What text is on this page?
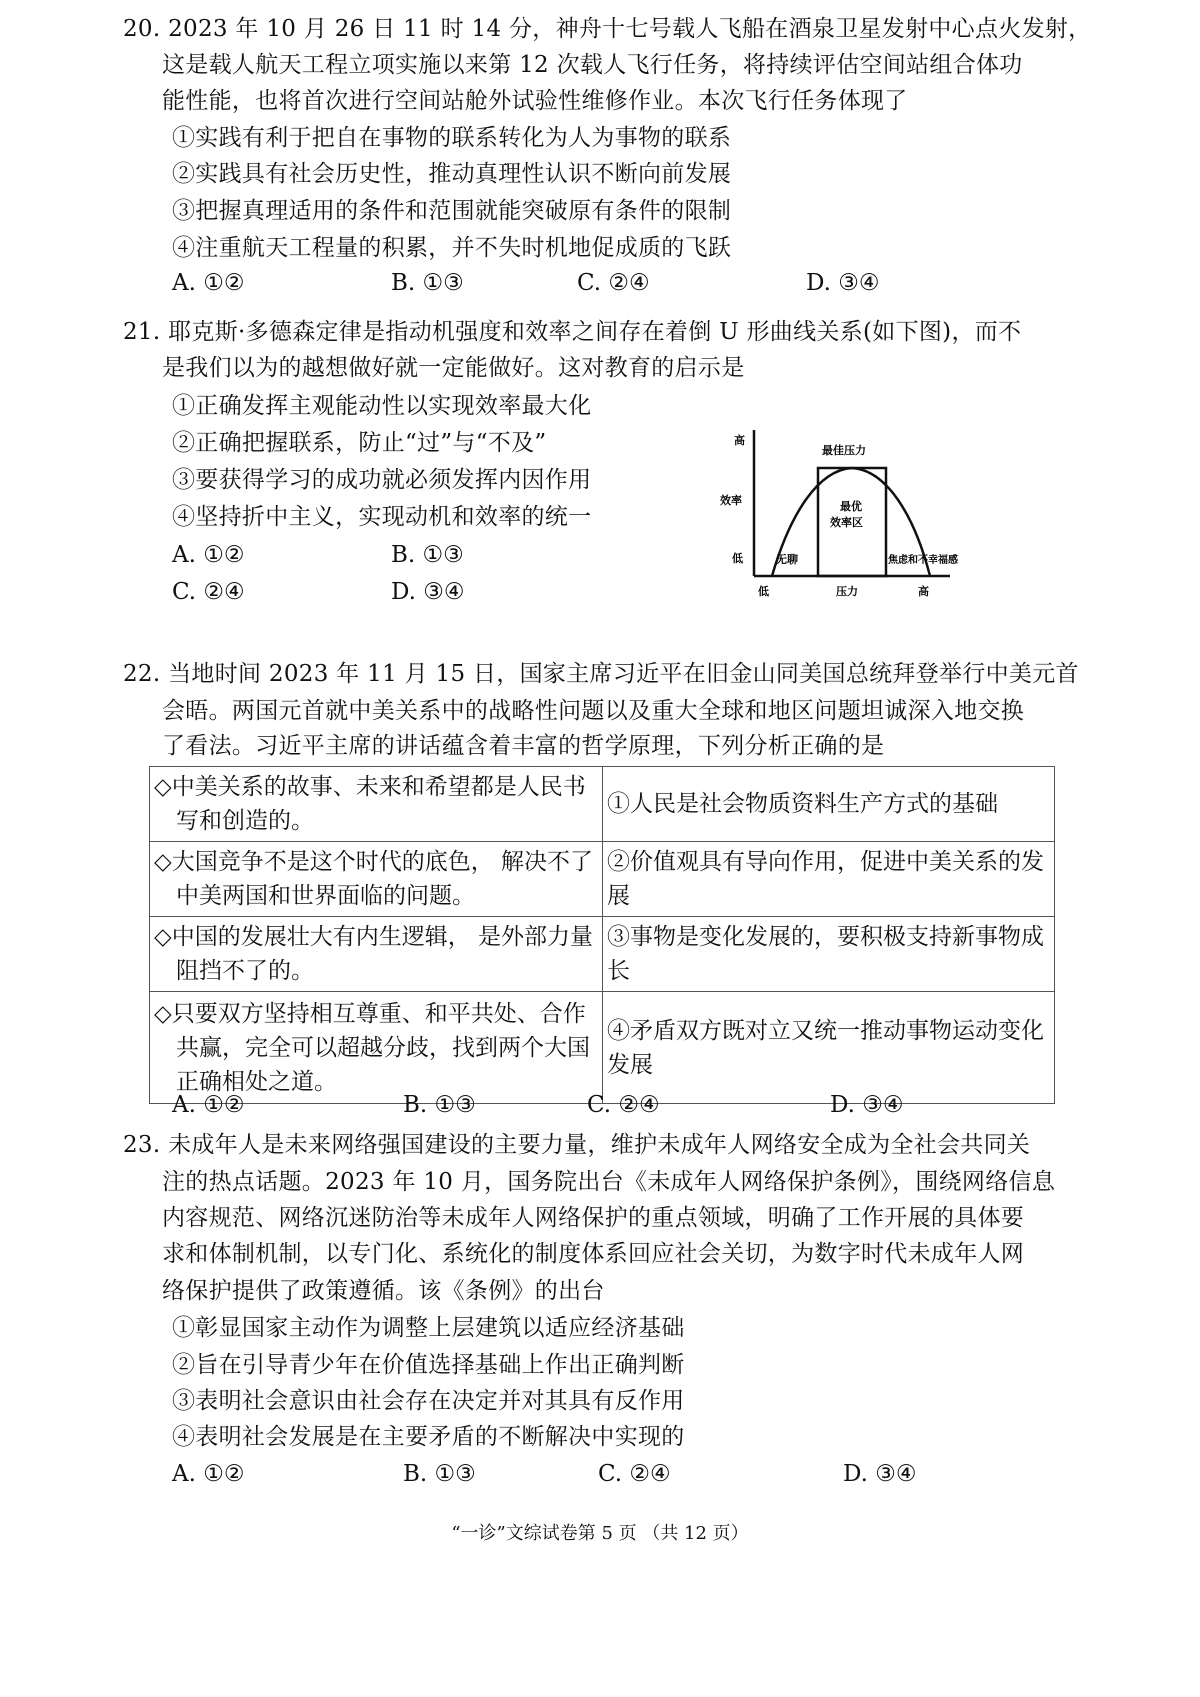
20. 2023 年 10 月 26 日 11 时 14 分，神舟十七号载人飞船在酒泉卫星发射中心点火发射，
这是载人航天工程立项实施以来第 12 次载人飞行任务，将持续评估空间站组合体功
能性能，也将首次进行空间站舱外试验性维修作业。本次飞行任务体现了
①实践有利于把自在事物的联系转化为人为事物的联系
②实践具有社会历史性，推动真理性认识不断向前发展
③把握真理适用的条件和范围就能突破原有条件的限制
④注重航天工程量的积累，并不失时机地促成质的飞跃
A. ①②	B. ①③	C. ②④	D. ③④
21. 耶克斯·多德森定律是指动机强度和效率之间存在着倒 U 形曲线关系(如下图)，而不
是我们以为的越想做好就一定能做好。这对教育的启示是
①正确发挥主观能动性以实现效率最大化
②正确把握联系，防止“过”与“不及”
③要获得学习的成功就必须发挥内因作用
④坚持折中主义，实现动机和效率的统一
A. ①②	B. ①③
C. ②④	D. ③④
高
效率
低
低	压力	高
最佳压力
最优
效率区
无聊	焦虑和不幸福感
22. 当地时间 2023 年 11 月 15 日，国家主席习近平在旧金山同美国总统拜登举行中美元首
会晤。两国元首就中美关系中的战略性问题以及重大全球和地区问题坦诚深入地交换
了看法。习近平主席的讲话蕴含着丰富的哲学原理，下列分析正确的是
◇中美关系的故事、未来和希望都是人民书写和创造的。	①人民是社会物质资料生产方式的基础

◇大国竞争不是这个时代的底色， 解决不了中美两国和世界面临的问题。	②价值观具有导向作用，促进中美关系的发展

◇中国的发展壮大有内生逻辑， 是外部力量阻挡不了的。	③事物是变化发展的，要积极支持新事物成长

◇只要双方坚持相互尊重、和平共处、合作共赢，完全可以超越分歧，找到两个大国正确相处之道。	④矛盾双方既对立又统一推动事物运动变化发展
A. ①②	B. ①③	C. ②④	D. ③④
23. 未成年人是未来网络强国建设的主要力量，维护未成年人网络安全成为全社会共同关
注的热点话题。2023 年 10 月，国务院出台《未成年人网络保护条例》，围绕网络信息
内容规范、网络沉迷防治等未成年人网络保护的重点领域，明确了工作开展的具体要
求和体制机制，以专门化、系统化的制度体系回应社会关切，为数字时代未成年人网
络保护提供了政策遵循。该《条例》的出台
①彰显国家主动作为调整上层建筑以适应经济基础
②旨在引导青少年在价值选择基础上作出正确判断
③表明社会意识由社会存在决定并对其具有反作用
④表明社会发展是在主要矛盾的不断解决中实现的
A. ①②	B. ①③	C. ②④	D. ③④
“一诊”文综试卷第 5 页 （共 12 页）
